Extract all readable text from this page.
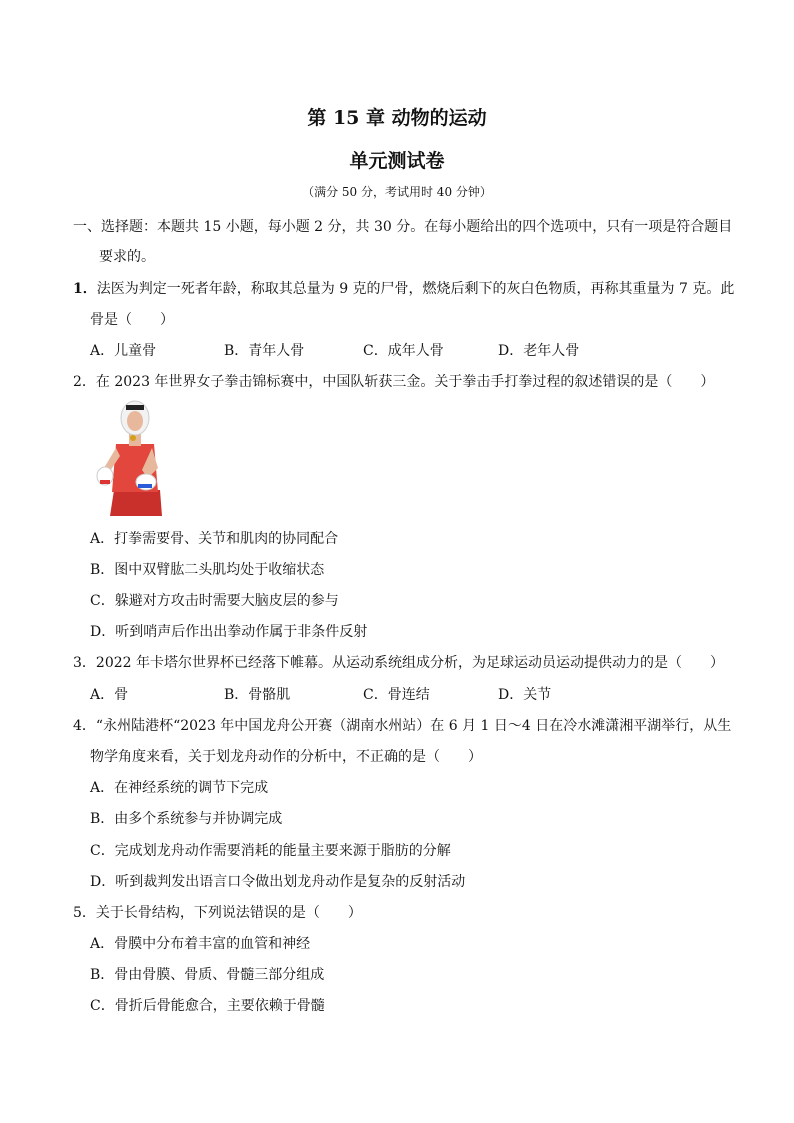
第 15 章 动物的运动
单元测试卷
（满分 50 分，考试用时 40 分钟）
一、选择题：本题共 15 小题，每小题 2 分，共 30 分。在每小题给出的四个选项中，只有一项是符合题目
要求的。
1．法医为判定一死者年龄，称取其总量为 9 克的尸骨，燃烧后剩下的灰白色物质，再称其重量为 7 克。此
骨是（　　）
A．儿童骨	B．青年人骨	C．成年人骨	D．老年人骨
2．在 2023 年世界女子拳击锦标赛中，中国队斩获三金。关于拳击手打拳过程的叙述错误的是（　　）
A．打拳需要骨、关节和肌肉的协同配合
B．图中双臂肱二头肌均处于收缩状态
C．躲避对方攻击时需要大脑皮层的参与
D．听到哨声后作出出拳动作属于非条件反射
3．2022 年卡塔尔世界杯已经落下帷幕。从运动系统组成分析，为足球运动员运动提供动力的是（　　）
A．骨	B．骨骼肌	C．骨连结	D．关节
4．“永州陆港杯“2023 年中国龙舟公开赛（湖南水州站）在 6 月 1 日～4 日在冷水滩潇湘平湖举行，从生
物学角度来看，关于划龙舟动作的分析中，不正确的是（　　）
A．在神经系统的调节下完成
B．由多个系统参与并协调完成
C．完成划龙舟动作需要消耗的能量主要来源于脂肪的分解
D．听到裁判发出语言口令做出划龙舟动作是复杂的反射活动
5．关于长骨结构，下列说法错误的是（　　）
A．骨膜中分布着丰富的血管和神经
B．骨由骨膜、骨质、骨髓三部分组成
C．骨折后骨能愈合，主要依赖于骨髓
